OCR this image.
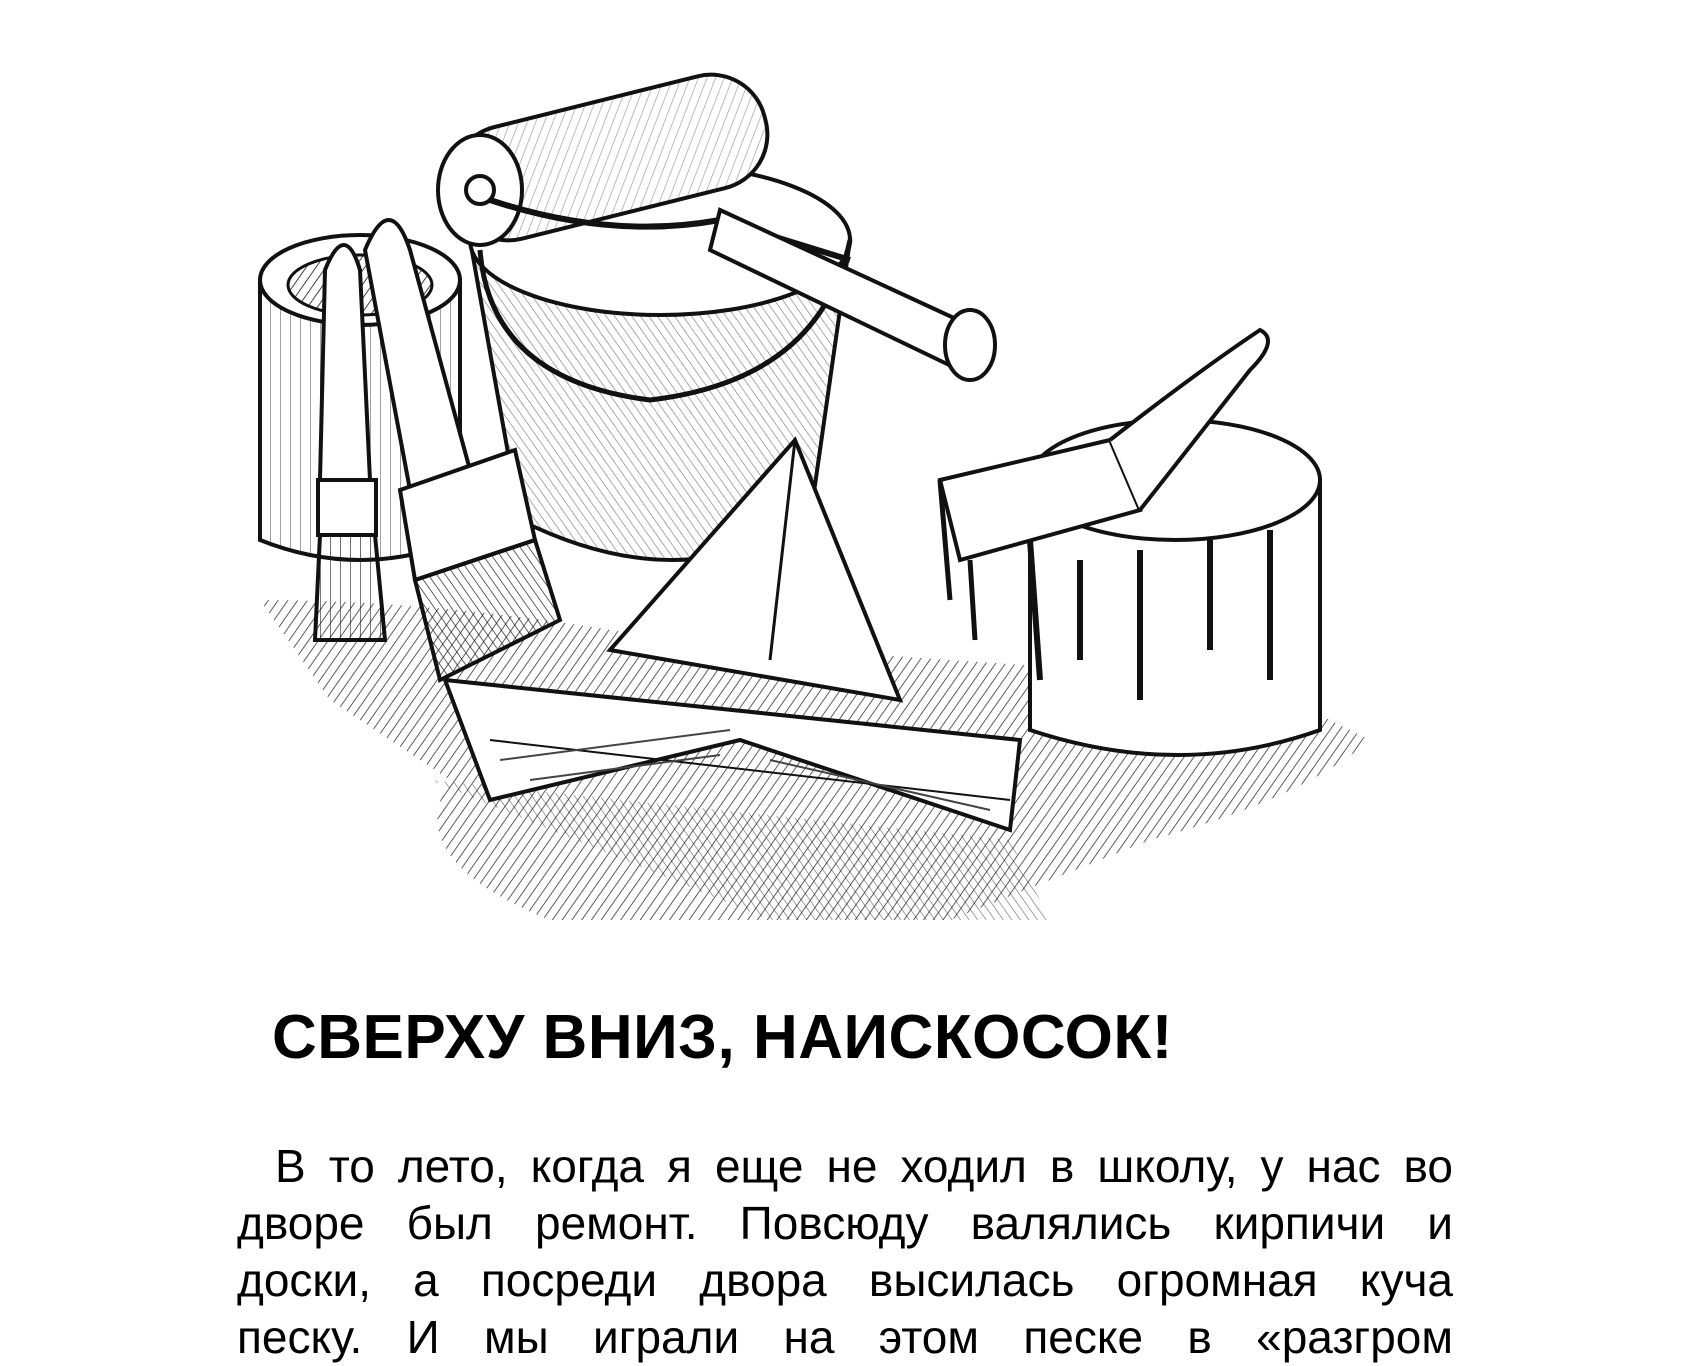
СВЕРХУ ВНИЗ, НАИСКОСОК!
В то лето, когда я еще не ходил в школу, у нас во
дворе был ремонт. Повсюду валялись кирпичи и
доски, а посреди двора высилась огромная куча
песку. И мы играли на этом песке в «разгром
